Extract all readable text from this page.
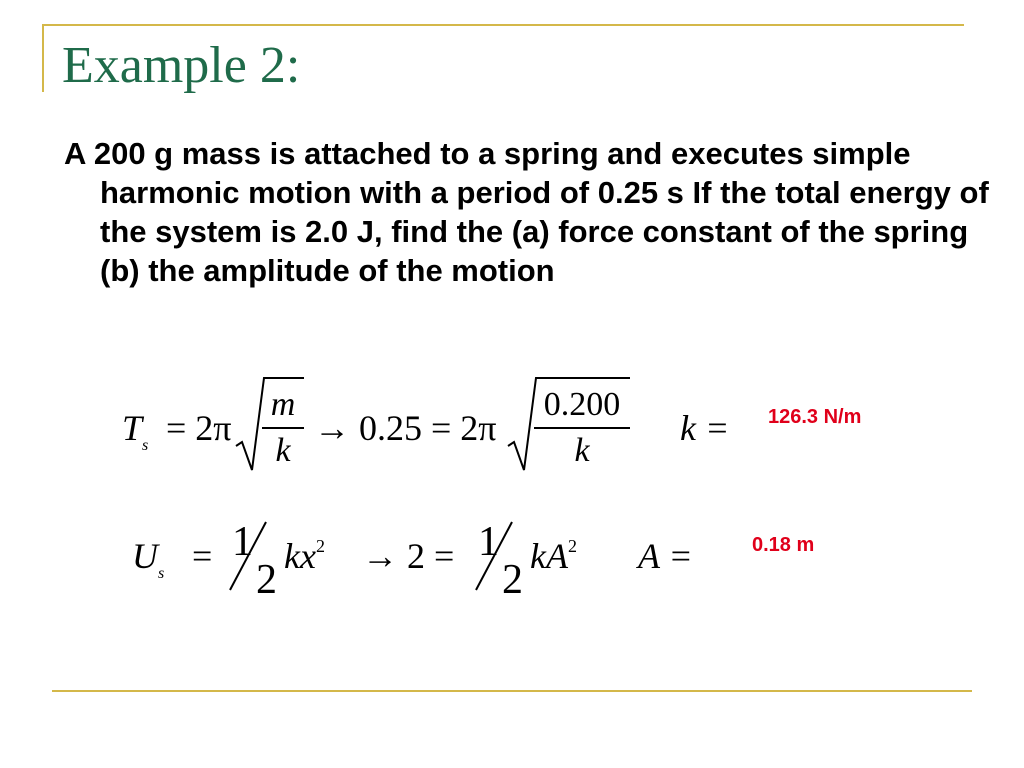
Example 2:
A 200 g mass is attached to a spring and executes simple harmonic motion with a period of 0.25 s If the total energy of the system is 2.0 J, find the (a) force constant of the spring (b) the amplitude of the motion
$T_s = 2\pi$
m
k
→ 0.25 = 2π
0.200
k
k = 126.3 N/m
$U_s = 1$
2
$kx^2 \to 2 = 1$
2
$kA^2$ A =	0.18 m
